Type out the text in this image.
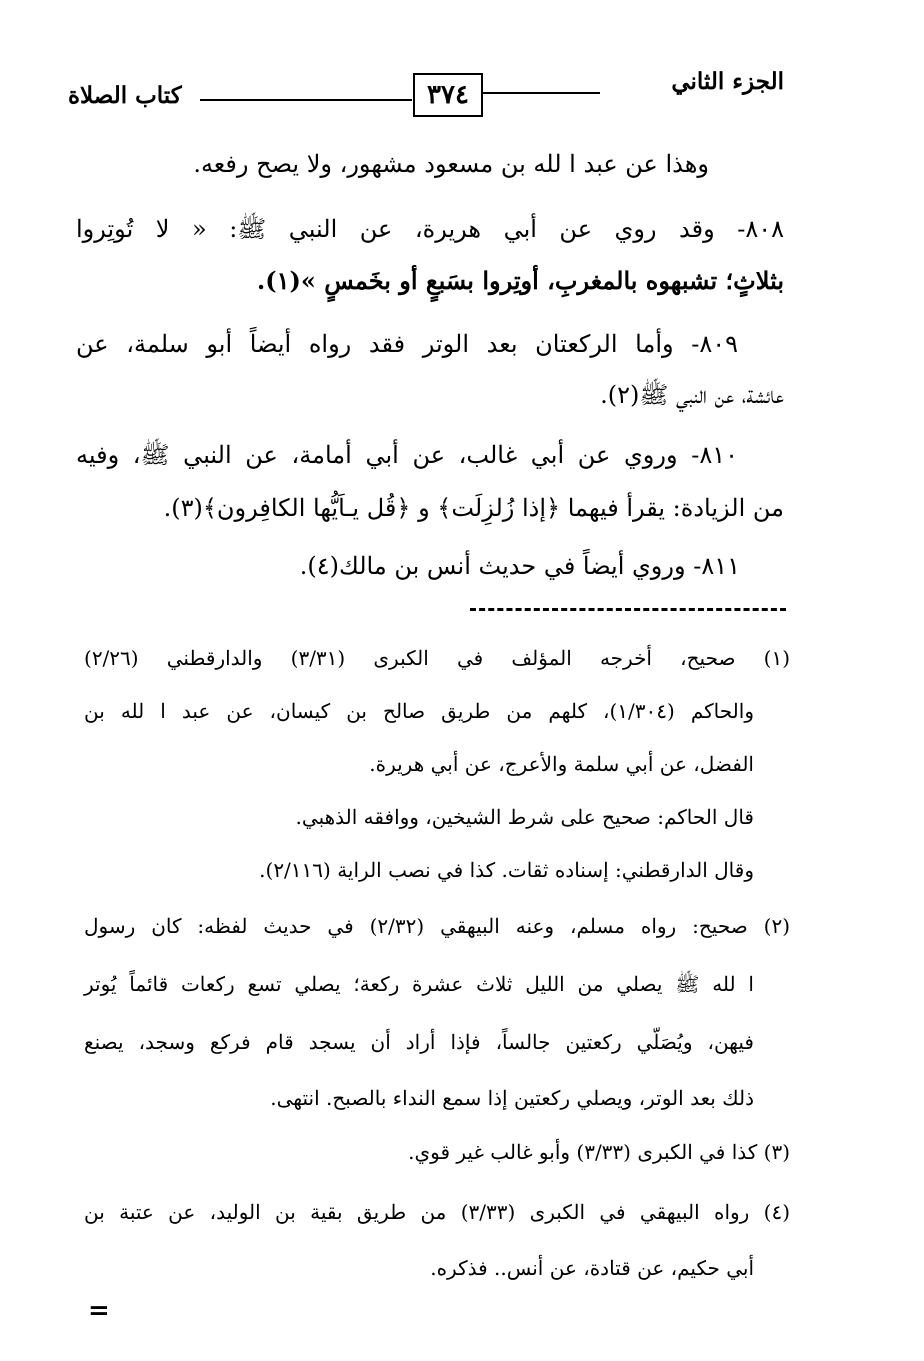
الجزء الثاني
٣٧٤
كتاب الصلاة
وهذا عن عبد ا لله بن مسعود مشهور، ولا يصح رفعه.
٨٠٨- وقد روي عن أبي هريرة، عن النبي ﷺ: « لا تُوتِروا
بثلاثٍ؛ تشبهوه بالمغربِ، أوتِروا بسَبعٍ أو بخَمسٍ »(١).
٨٠٩- وأما الركعتان بعد الوتر فقد رواه أيضاً أبو سلمة، عن
عائشة، عن النبي ﷺ(٢).
٨١٠- وروي عن أبي غالب، عن أبي أمامة، عن النبي ﷺ، وفيه
من الزيادة: يقرأ فيهما ﴿إذا زُلزِلَت﴾ و ﴿قُل يـاَيُّها الكافِرون﴾(٣).
٨١١- وروي أيضاً في حديث أنس بن مالك(٤).
(١) صحيح، أخرجه المؤلف في الكبرى (٣/٣١) والدارقطني (٢/٢٦)
والحاكم (١/٣٠٤)، كلهم من طريق صالح بن كيسان، عن عبد ا لله بن
الفضل، عن أبي سلمة والأعرج، عن أبي هريرة.
قال الحاكم: صحيح على شرط الشيخين، ووافقه الذهبي.
وقال الدارقطني: إسناده ثقات. كذا في نصب الراية (٢/١١٦).
(٢) صحيح: رواه مسلم، وعنه البيهقي (٢/٣٢) في حديث لفظه: كان رسول
ا لله ﷺ يصلي من الليل ثلاث عشرة ركعة؛ يصلي تسع ركعات قائماً يُوتر
فيهن، ويُصَلّي ركعتين جالساً، فإذا أراد أن يسجد قام فركع وسجد، يصنع
ذلك بعد الوتر، ويصلي ركعتين إذا سمع النداء بالصبح. انتهى.
(٣) كذا في الكبرى (٣/٣٣) وأبو غالب غير قوي.
(٤) رواه البيهقي في الكبرى (٣/٣٣) من طريق بقية بن الوليد، عن عتبة بن
أبي حكيم، عن قتادة، عن أنس.. فذكره.
=
